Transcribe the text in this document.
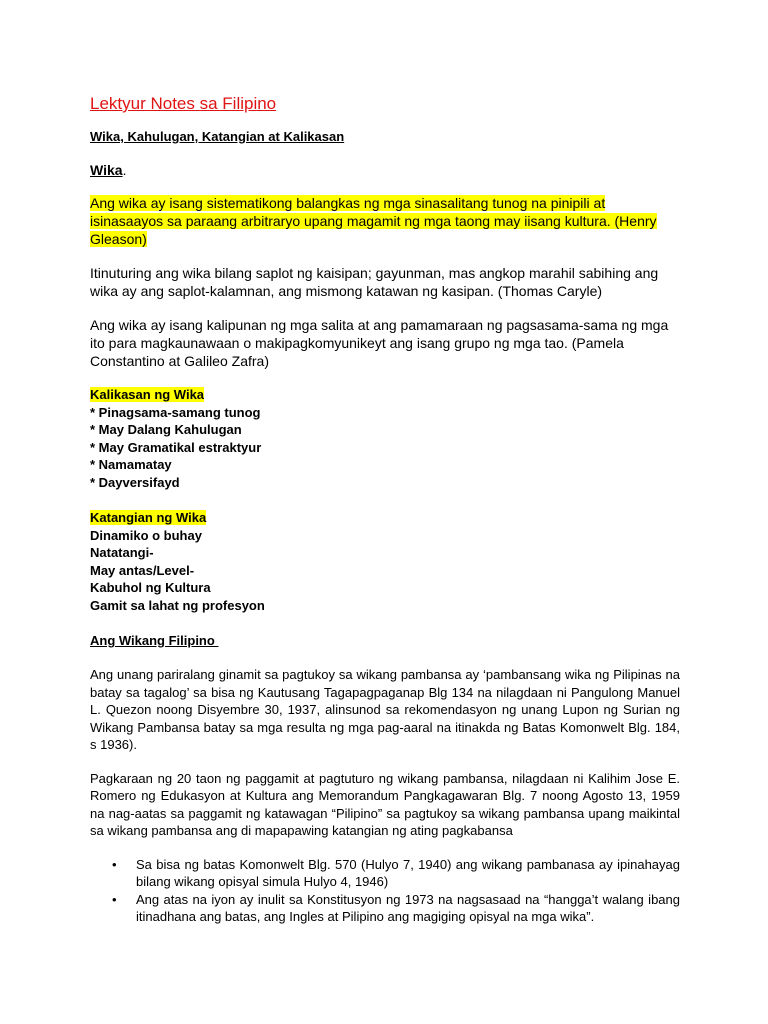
Lektyur Notes sa Filipino
Wika, Kahulugan, Katangian at Kalikasan
Wika.

Ang wika ay isang sistematikong balangkas ng mga sinasalitang tunog na pinipili at isinasaayos sa paraang arbitraryo upang magamit ng mga taong may iisang kultura. (Henry Gleason)

Itinuturing ang wika bilang saplot ng kaisipan; gayunman, mas angkop marahil sabihing ang wika ay ang saplot-kalamnan, ang mismong katawan ng kasipan. (Thomas Caryle)

Ang wika ay isang kalipunan ng mga salita at ang pamamaraan ng pagsasama-sama ng mga ito para magkaunawaan o makipagkomyunikeyt ang isang grupo ng mga tao. (Pamela Constantino at Galileo Zafra)

Kalikasan ng Wika
* Pinagsama-samang tunog
* May Dalang Kahulugan
* May Gramatikal estraktyur
* Namamatay
* Dayversifayd
Katangian ng Wika
Dinamiko o buhay
Natatangi-
May antas/Level-
Kabuhol ng Kultura
Gamit sa lahat ng profesyon
Ang Wikang Filipino

Ang unang pariralang ginamit sa pagtukoy sa wikang pambansa ay ‘pambansang wika ng Pilipinas na batay sa tagalog’ sa bisa ng Kautusang Tagapagpaganap Blg 134 na nilagdaan ni Pangulong Manuel L. Quezon noong Disyembre 30, 1937, alinsunod sa rekomendasyon ng unang Lupon ng Surian ng Wikang Pambansa batay sa mga resulta ng mga pag-aaral na itinakda ng Batas Komonwelt Blg. 184, s 1936).

Pagkaraan ng 20 taon ng paggamit at pagtuturo ng wikang pambansa, nilagdaan ni Kalihim Jose E. Romero ng Edukasyon at Kultura ang Memorandum Pangkagawaran Blg. 7 noong Agosto 13, 1959 na nag-aatas sa paggamit ng katawagan “Pilipino” sa pagtukoy sa wikang pambansa upang maikintal sa wikang pambansa ang di mapapawing katangian ng ating pagkabansa

• Sa bisa ng batas Komonwelt Blg. 570 (Hulyo 7, 1940) ang wikang pambanasa ay ipinahayag bilang wikang opisyal simula Hulyo 4, 1946)
• Ang atas na iyon ay inulit sa Konstitusyon ng 1973 na nagsasaad na “hangga’t walang ibang itinadhana ang batas, ang Ingles at Pilipino ang magiging opisyal na mga wika”.
